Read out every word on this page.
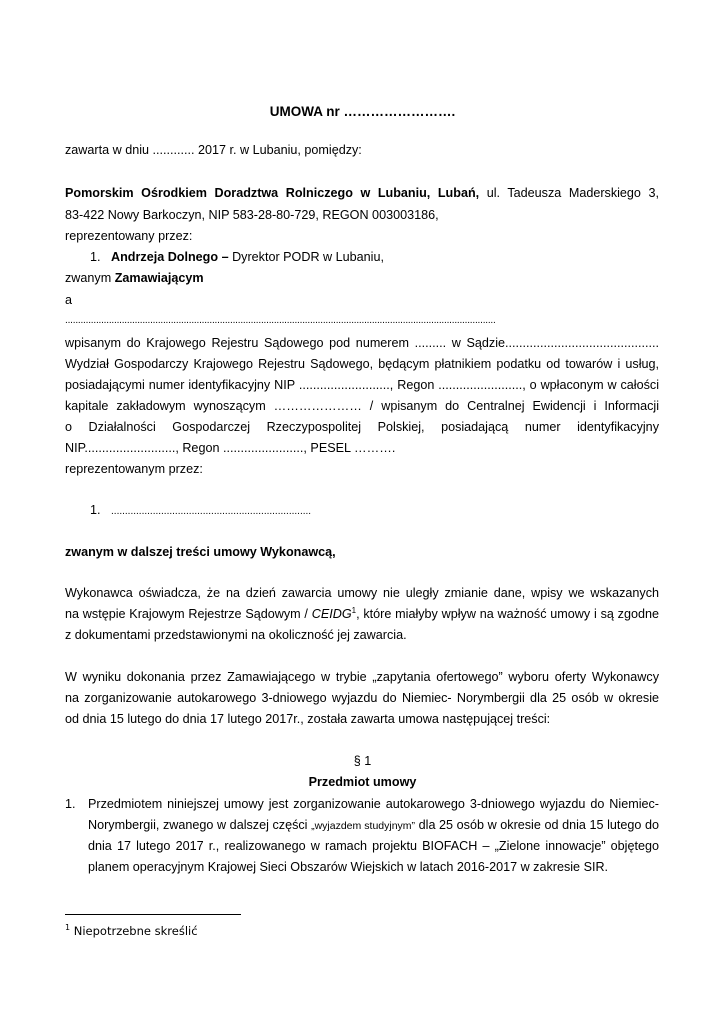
UMOWA nr …………………….
zawarta w dniu ............ 2017 r. w Lubaniu, pomiędzy:
Pomorskim Ośrodkiem Doradztwa Rolniczego w Lubaniu, Lubań, ul. Tadeusza Maderskiego 3,
83-422 Nowy Barkoczyn, NIP 583-28-80-729, REGON 003003186,
reprezentowany przez:
1. Andrzeja Dolnego – Dyrektor PODR w Lubaniu,
zwanym Zamawiającym
a
.......................................................................................................................................................................
wpisanym do Krajowego Rejestru Sądowego pod numerem ......... w Sądzie............................................
Wydział Gospodarczy Krajowego Rejestru Sądowego, będącym płatnikiem podatku od towarów i usług,
posiadającymi numer identyfikacyjny NIP .........................., Regon ........................, o wpłaconym w całości
kapitale zakładowym wynoszącym ………………… / wpisanym do Centralnej Ewidencji i Informacji
o Działalności Gospodarczej Rzeczypospolitej Polskiej, posiadającą numer identyfikacyjny
NIP.........................., Regon ......................., PESEL ……….
reprezentowanym przez:
1. ........................................................................
zwanym w dalszej treści umowy Wykonawcą,
Wykonawca oświadcza, że na dzień zawarcia umowy nie uległy zmianie dane, wpisy we wskazanych
na wstępie Krajowym Rejestrze Sądowym / CEIDG$^1$, które miałyby wpływ na ważność umowy i są zgodne
z dokumentami przedstawionymi na okoliczność jej zawarcia.
W wyniku dokonania przez Zamawiającego w trybie „zapytania ofertowego” wyboru oferty Wykonawcy
na zorganizowanie autokarowego 3-dniowego wyjazdu do Niemiec- Norymbergii dla 25 osób w okresie
od dnia 15 lutego do dnia 17 lutego 2017r., została zawarta umowa następującej treści:
§ 1
Przedmiot umowy
1. Przedmiotem niniejszej umowy jest zorganizowanie autokarowego 3-dniowego wyjazdu do Niemiec-
Norymbergii, zwanego w dalszej części „wyjazdem studyjnym” dla 25 osób w okresie od dnia 15 lutego do
dnia 17 lutego 2017 r., realizowanego w ramach projektu BIOFACH – „Zielone innowacje” objętego
planem operacyjnym Krajowej Sieci Obszarów Wiejskich w latach 2016-2017 w zakresie SIR.
$^1$ Niepotrzebne skreślić
